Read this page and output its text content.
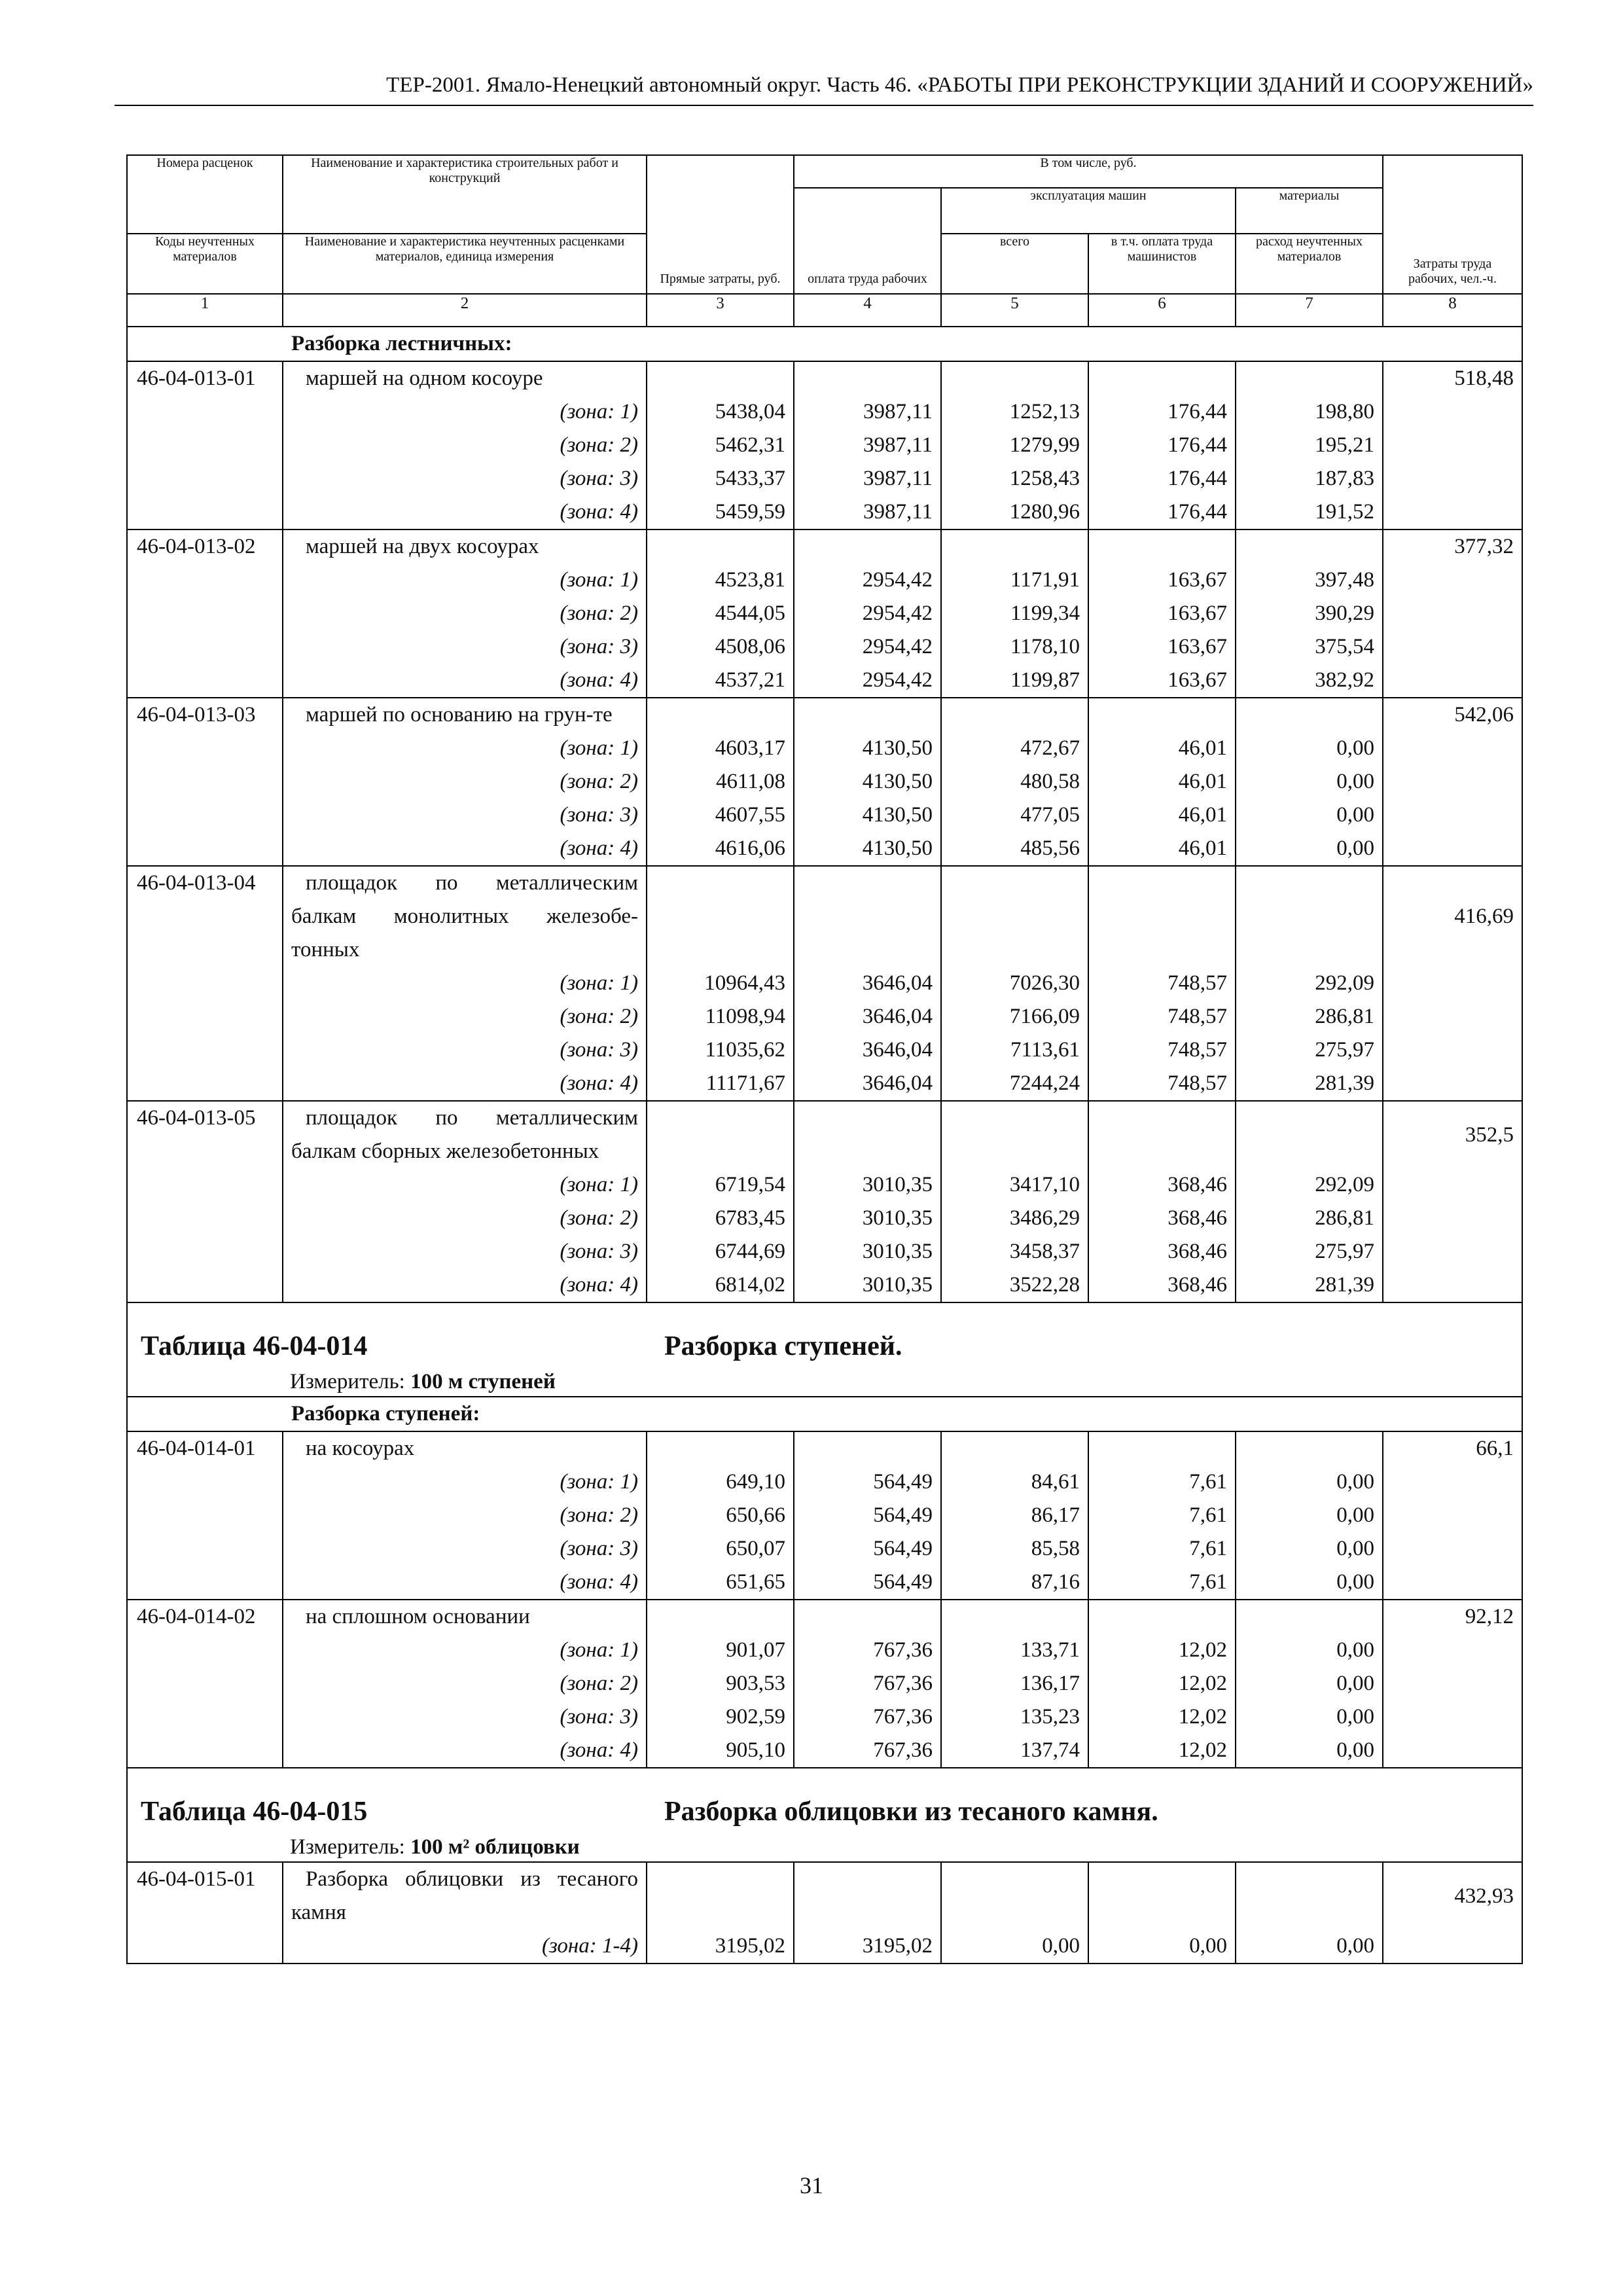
ТЕР-2001. Ямало-Ненецкий автономный округ. Часть 46. «РАБОТЫ ПРИ РЕКОНСТРУКЦИИ ЗДАНИЙ И СООРУЖЕНИЙ»
Номера расценок	Наименование и характеристика строительных работ и конструкций	Прямые затраты, руб.	В том числе, руб.				Затраты труда рабочих, чел.-ч.
			оплата труда рабочих	эксплуатация машин		материалы	
Коды неучтенных материалов	Наименование и характеристика неучтенных расценками материалов, единица измерения			всего	в т.ч. оплата труда машинистов	расход неучтенных материалов	
1	2	3	4	5	6	7	8
Разборка лестничных:							
46-04-013-01	маршей на одном косоуре						518,48
	(зона: 1)	5438,04	3987,11	1252,13	176,44	198,80	
	(зона: 2)	5462,31	3987,11	1279,99	176,44	195,21	
	(зона: 3)	5433,37	3987,11	1258,43	176,44	187,83	
	(зона: 4)	5459,59	3987,11	1280,96	176,44	191,52	
46-04-013-02	маршей на двух косоурах						377,32
	(зона: 1)	4523,81	2954,42	1171,91	163,67	397,48	
	(зона: 2)	4544,05	2954,42	1199,34	163,67	390,29	
	(зона: 3)	4508,06	2954,42	1178,10	163,67	375,54	
	(зона: 4)	4537,21	2954,42	1199,87	163,67	382,92	
46-04-013-03	маршей по основанию на грун-те						542,06
	(зона: 1)	4603,17	4130,50	472,67	46,01	0,00	
	(зона: 2)	4611,08	4130,50	480,58	46,01	0,00	
	(зона: 3)	4607,55	4130,50	477,05	46,01	0,00	
	(зона: 4)	4616,06	4130,50	485,56	46,01	0,00	
46-04-013-04	площадок по металлическим балкам монолитных железобе-тонных						416,69
	(зона: 1)	10964,43	3646,04	7026,30	748,57	292,09	
	(зона: 2)	11098,94	3646,04	7166,09	748,57	286,81	
	(зона: 3)	11035,62	3646,04	7113,61	748,57	275,97	
	(зона: 4)	11171,67	3646,04	7244,24	748,57	281,39	
46-04-013-05	площадок по металлическим балкам сборных железобетонных						352,5
	(зона: 1)	6719,54	3010,35	3417,10	368,46	292,09	
	(зона: 2)	6783,45	3010,35	3486,29	368,46	286,81	
	(зона: 3)	6744,69	3010,35	3458,37	368,46	275,97	
	(зона: 4)	6814,02	3010,35	3522,28	368,46	281,39	

Таблица 46-04-014 Разборка ступеней.							

Измеритель: 100 м ступеней							
Разборка ступеней:							
46-04-014-01	на косоурах						66,1
	(зона: 1)	649,10	564,49	84,61	7,61	0,00	
	(зона: 2)	650,66	564,49	86,17	7,61	0,00	
	(зона: 3)	650,07	564,49	85,58	7,61	0,00	
	(зона: 4)	651,65	564,49	87,16	7,61	0,00	
46-04-014-02	на сплошном основании						92,12
	(зона: 1)	901,07	767,36	133,71	12,02	0,00	
	(зона: 2)	903,53	767,36	136,17	12,02	0,00	
	(зона: 3)	902,59	767,36	135,23	12,02	0,00	
	(зона: 4)	905,10	767,36	137,74	12,02	0,00	

Таблица 46-04-015 Разборка облицовки из тесаного камня.							

Измеритель: 100 м² облицовки							
46-04-015-01	Разборка облицовки из тесаного камня						432,93
	(зона: 1-4)	3195,02	3195,02	0,00	0,00	0,00	

31
